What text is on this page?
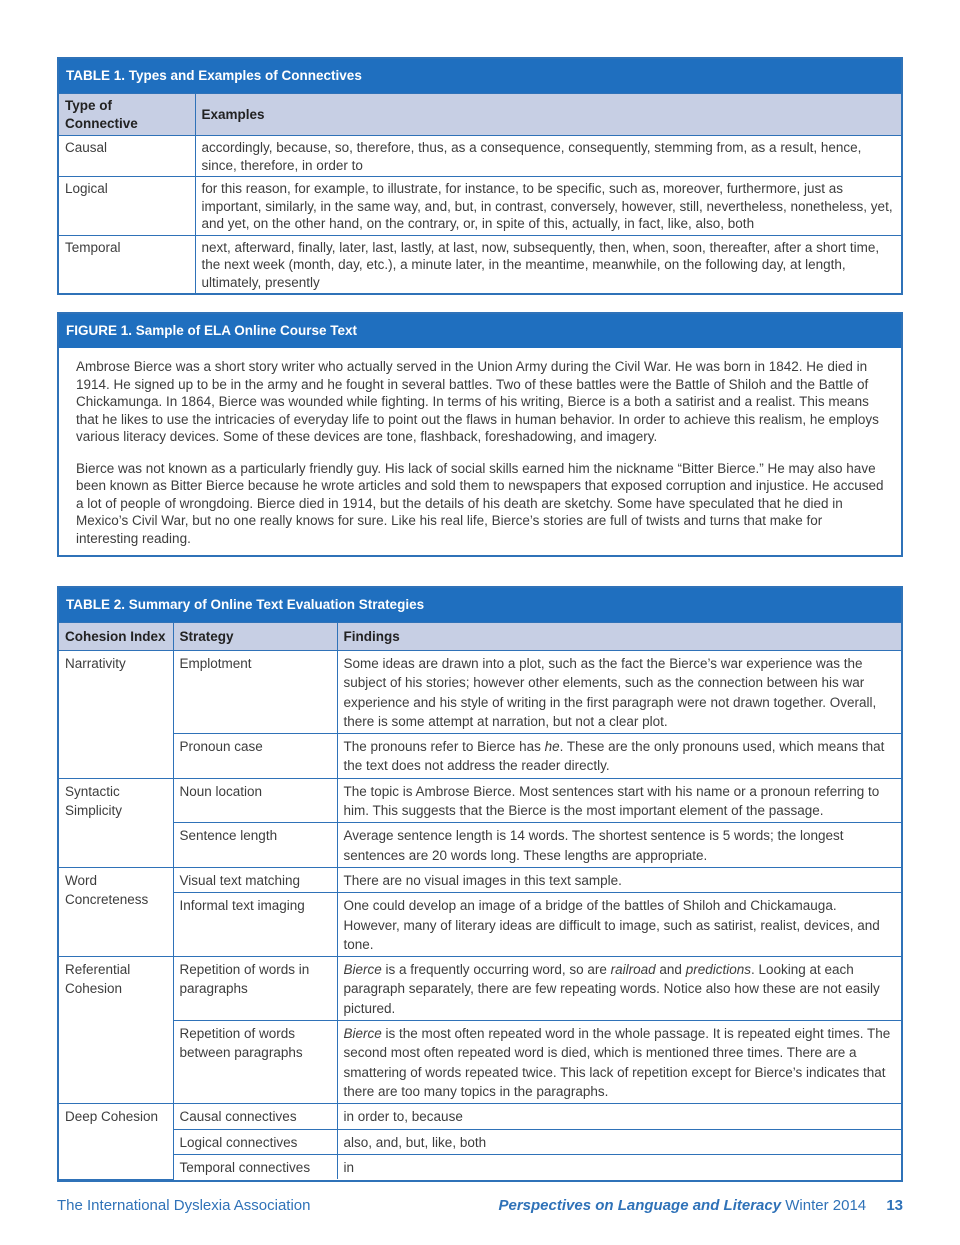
TABLE 1. Types and Examples of Connectives
Type of Connective	Examples
Causal	accordingly, because, so, therefore, thus, as a consequence, consequently, stemming from, as a result, hence, since, therefore, in order to
Logical	for this reason, for example, to illustrate, for instance, to be specific, such as, moreover, furthermore, just as important, similarly, in the same way, and, but, in contrast, conversely, however, still, nevertheless, nonetheless, yet, and yet, on the other hand, on the contrary, or, in spite of this, actually, in fact, like, also, both
Temporal	next, afterward, finally, later, last, lastly, at last, now, subsequently, then, when, soon, thereafter, after a short time, the next week (month, day, etc.), a minute later, in the meantime, meanwhile, on the following day, at length, ultimately, presently
FIGURE 1. Sample of ELA Online Course Text

Ambrose Bierce was a short story writer who actually served in the Union Army during the Civil War. He was born in 1842. He died in 1914. He signed up to be in the army and he fought in several battles. Two of these battles were the Battle of Shiloh and the Battle of Chickamunga. In 1864, Bierce was wounded while fighting. In terms of his writing, Bierce is a both a satirist and a realist. This means that he likes to use the intricacies of everyday life to point out the flaws in human behavior. In order to achieve this realism, he employs various literacy devices. Some of these devices are tone, flashback, foreshadowing, and imagery.

Bierce was not known as a particularly friendly guy. His lack of social skills earned him the nickname “Bitter Bierce.” He may also have been known as Bitter Bierce because he wrote articles and sold them to newspapers that exposed corruption and injustice. He accused a lot of people of wrongdoing. Bierce died in 1914, but the details of his death are sketchy. Some have speculated that he died in Mexico’s Civil War, but no one really knows for sure. Like his real life, Bierce’s stories are full of twists and turns that make for interesting reading.

TABLE 2. Summary of Online Text Evaluation Strategies
Cohesion Index	Strategy	Findings
Narrativity	Emplotment	Some ideas are drawn into a plot, such as the fact the Bierce’s war experience was the subject of his stories; however other elements, such as the connection between his war experience and his style of writing in the first paragraph were not drawn together. Overall, there is some attempt at narration, but not a clear plot.
	Pronoun case	The pronouns refer to Bierce has he. These are the only pronouns used, which means that the text does not address the reader directly.
Syntactic Simplicity	Noun location	The topic is Ambrose Bierce. Most sentences start with his name or a pronoun referring to him. This suggests that the Bierce is the most important element of the passage.
	Sentence length	Average sentence length is 14 words. The shortest sentence is 5 words; the longest sentences are 20 words long. These lengths are appropriate.
Word Concreteness	Visual text matching	There are no visual images in this text sample.
	Informal text imaging	One could develop an image of a bridge of the battles of Shiloh and Chickamauga. However, many of literary ideas are difficult to image, such as satirist, realist, devices, and tone.
Referential Cohesion	Repetition of words in paragraphs	Bierce is a frequently occurring word, so are railroad and predictions. Looking at each paragraph separately, there are few repeating words. Notice also how these are not easily pictured.
	Repetition of words between paragraphs	Bierce is the most often repeated word in the whole passage. It is repeated eight times. The second most often repeated word is died, which is mentioned three times. There are a smattering of words repeated twice. This lack of repetition except for Bierce’s indicates that there are too many topics in the paragraphs.
Deep Cohesion	Causal connectives	in order to, because
	Logical connectives	also, and, but, like, both
	Temporal connectives	in
The International Dyslexia Association	Perspectives on Language and Literacy Winter 2014 13
